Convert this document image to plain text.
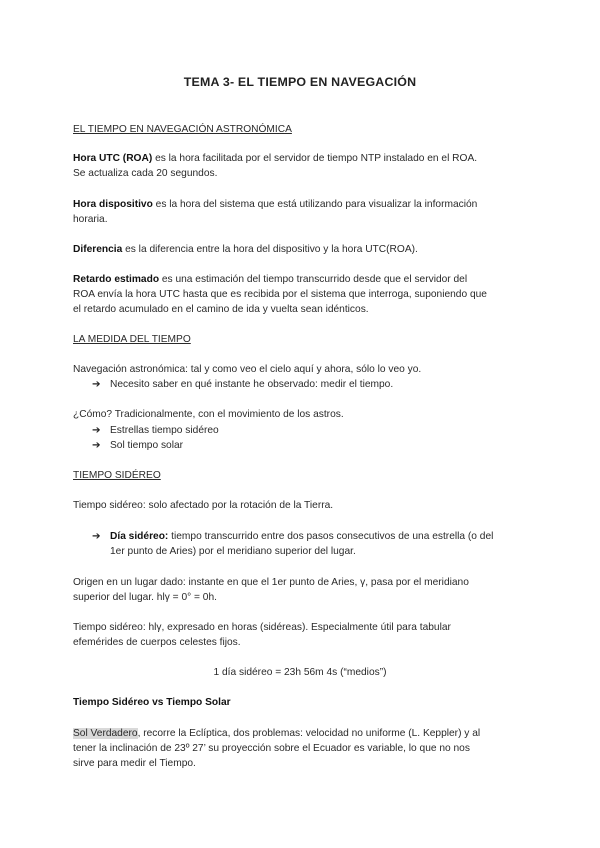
TEMA 3- EL TIEMPO EN NAVEGACIÓN
EL TIEMPO EN NAVEGACIÓN ASTRONÓMICA
Hora UTC (ROA) es la hora facilitada por el servidor de tiempo NTP instalado en el ROA.
Se actualiza cada 20 segundos.
Hora dispositivo es la hora del sistema que está utilizando para visualizar la información
horaria.
Diferencia es la diferencia entre la hora del dispositivo y la hora UTC(ROA).
Retardo estimado es una estimación del tiempo transcurrido desde que el servidor del
ROA envía la hora UTC hasta que es recibida por el sistema que interroga, suponiendo que
el retardo acumulado en el camino de ida y vuelta sean idénticos.
LA MEDIDA DEL TIEMPO
Navegación astronómica: tal y como veo el cielo aquí y ahora, sólo lo veo yo.
➔ Necesito saber en qué instante he observado: medir el tiempo.
¿Cómo? Tradicionalmente, con el movimiento de los astros.
➔ Estrellas tiempo sidéreo
➔ Sol tiempo solar
TIEMPO SIDÉREO
Tiempo sidéreo: solo afectado por la rotación de la Tierra.
➔ Día sidéreo: tiempo transcurrido entre dos pasos consecutivos de una estrella (o del
1er punto de Aries) por el meridiano superior del lugar.
Origen en un lugar dado: instante en que el 1er punto de Aries, γ, pasa por el meridiano
superior del lugar. hlγ = 0° = 0h.
Tiempo sidéreo: hlγ, expresado en horas (sidéreas). Especialmente útil para tabular
efemérides de cuerpos celestes fijos.
1 día sidéreo = 23h 56m 4s (“medios”)
Tiempo Sidéreo vs Tiempo Solar
Sol Verdadero, recorre la Eclíptica, dos problemas: velocidad no uniforme (L. Keppler) y al
tener la inclinación de 23º 27’ su proyección sobre el Ecuador es variable, lo que no nos
sirve para medir el Tiempo.
